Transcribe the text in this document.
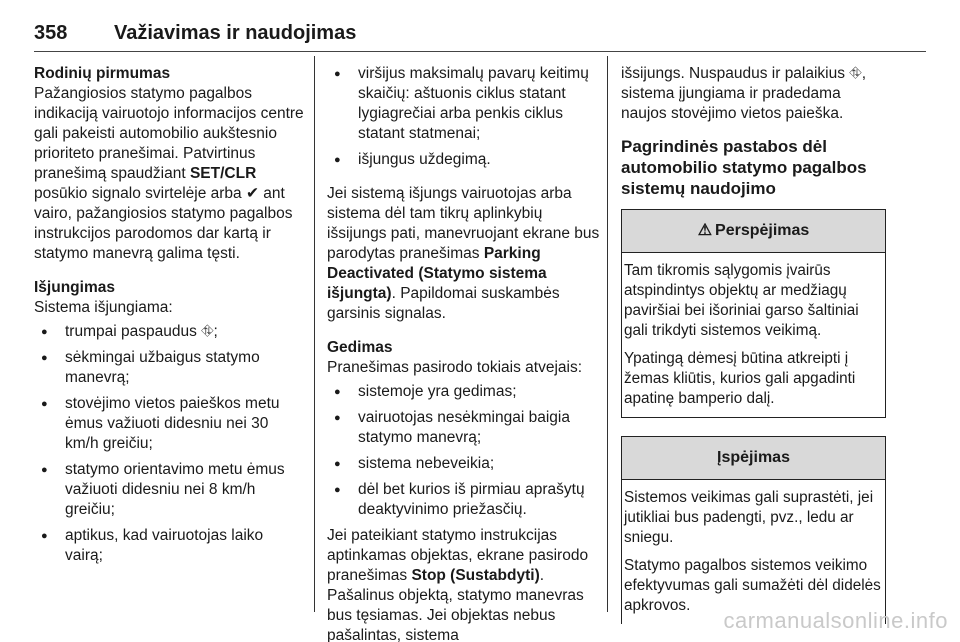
358 Važiavimas ir naudojimas
Rodinių pirmumas

Pažangiosios statymo pagalbos indikaciją vairuotojo informacijos centre gali pakeisti automobilio aukštesnio prioriteto pranešimai. Patvirtinus pranešimą spaudžiant SET/CLR posūkio signalo svirtelėje arba ✔ ant vairo, pažangiosios statymo pagalbos instrukcijos parodomos dar kartą ir statymo manevrą galima tęsti.

Išjungimas

Sistema išjungiama:

● trumpai paspaudus ⛗;
● sėkmingai užbaigus statymo manevrą;
● stovėjimo vietos paieškos metu ėmus važiuoti didesniu nei 30 km/h greičiu;
● statymo orientavimo metu ėmus važiuoti didesniu nei 8 km/h greičiu;
● aptikus, kad vairuotojas laiko vairą;
● viršijus maksimalų pavarų keitimų skaičių: aštuonis ciklus statant lygiagrečiai arba penkis ciklus statant statmenai;
● išjungus uždegimą.

Jei sistemą išjungs vairuotojas arba sistema dėl tam tikrų aplinkybių išsijungs pati, manevruojant ekrane bus parodytas pranešimas Parking Deactivated (Statymo sistema išjungta). Papildomai suskambės garsinis signalas.

Gedimas

Pranešimas pasirodo tokiais atvejais:

● sistemoje yra gedimas;
● vairuotojas nesėkmingai baigia statymo manevrą;
● sistema nebeveikia;
● dėl bet kurios iš pirmiau aprašytų deaktyvinimo priežasčių.

Jei pateikiant statymo instrukcijas aptinkamas objektas, ekrane pasirodo pranešimas Stop (Sustabdyti). Pašalinus objektą, statymo manevras bus tęsiamas. Jei objektas nebus pašalintas, sistema

išsijungs. Nuspaudus ir palaikius ⛗, sistema įjungiama ir pradedama naujos stovėjimo vietos paieška.

Pagrindinės pastabos dėl automobilio statymo pagalbos sistemų naudojimo
⚠ Perspėjimas

Tam tikromis sąlygomis įvairūs atspindintys objektų ar medžiagų paviršiai bei išoriniai garso šaltiniai gali trikdyti sistemos veikimą.

Ypatingą dėmesį būtina atkreipti į žemas kliūtis, kurios gali apgadinti apatinę bamperio dalį.

Įspėjimas

Sistemos veikimas gali suprastėti, jei jutikliai bus padengti, pvz., ledu ar sniegu.

Statymo pagalbos sistemos veikimo efektyvumas gali sumažėti dėl didelės apkrovos.

carmanualsonline.info
